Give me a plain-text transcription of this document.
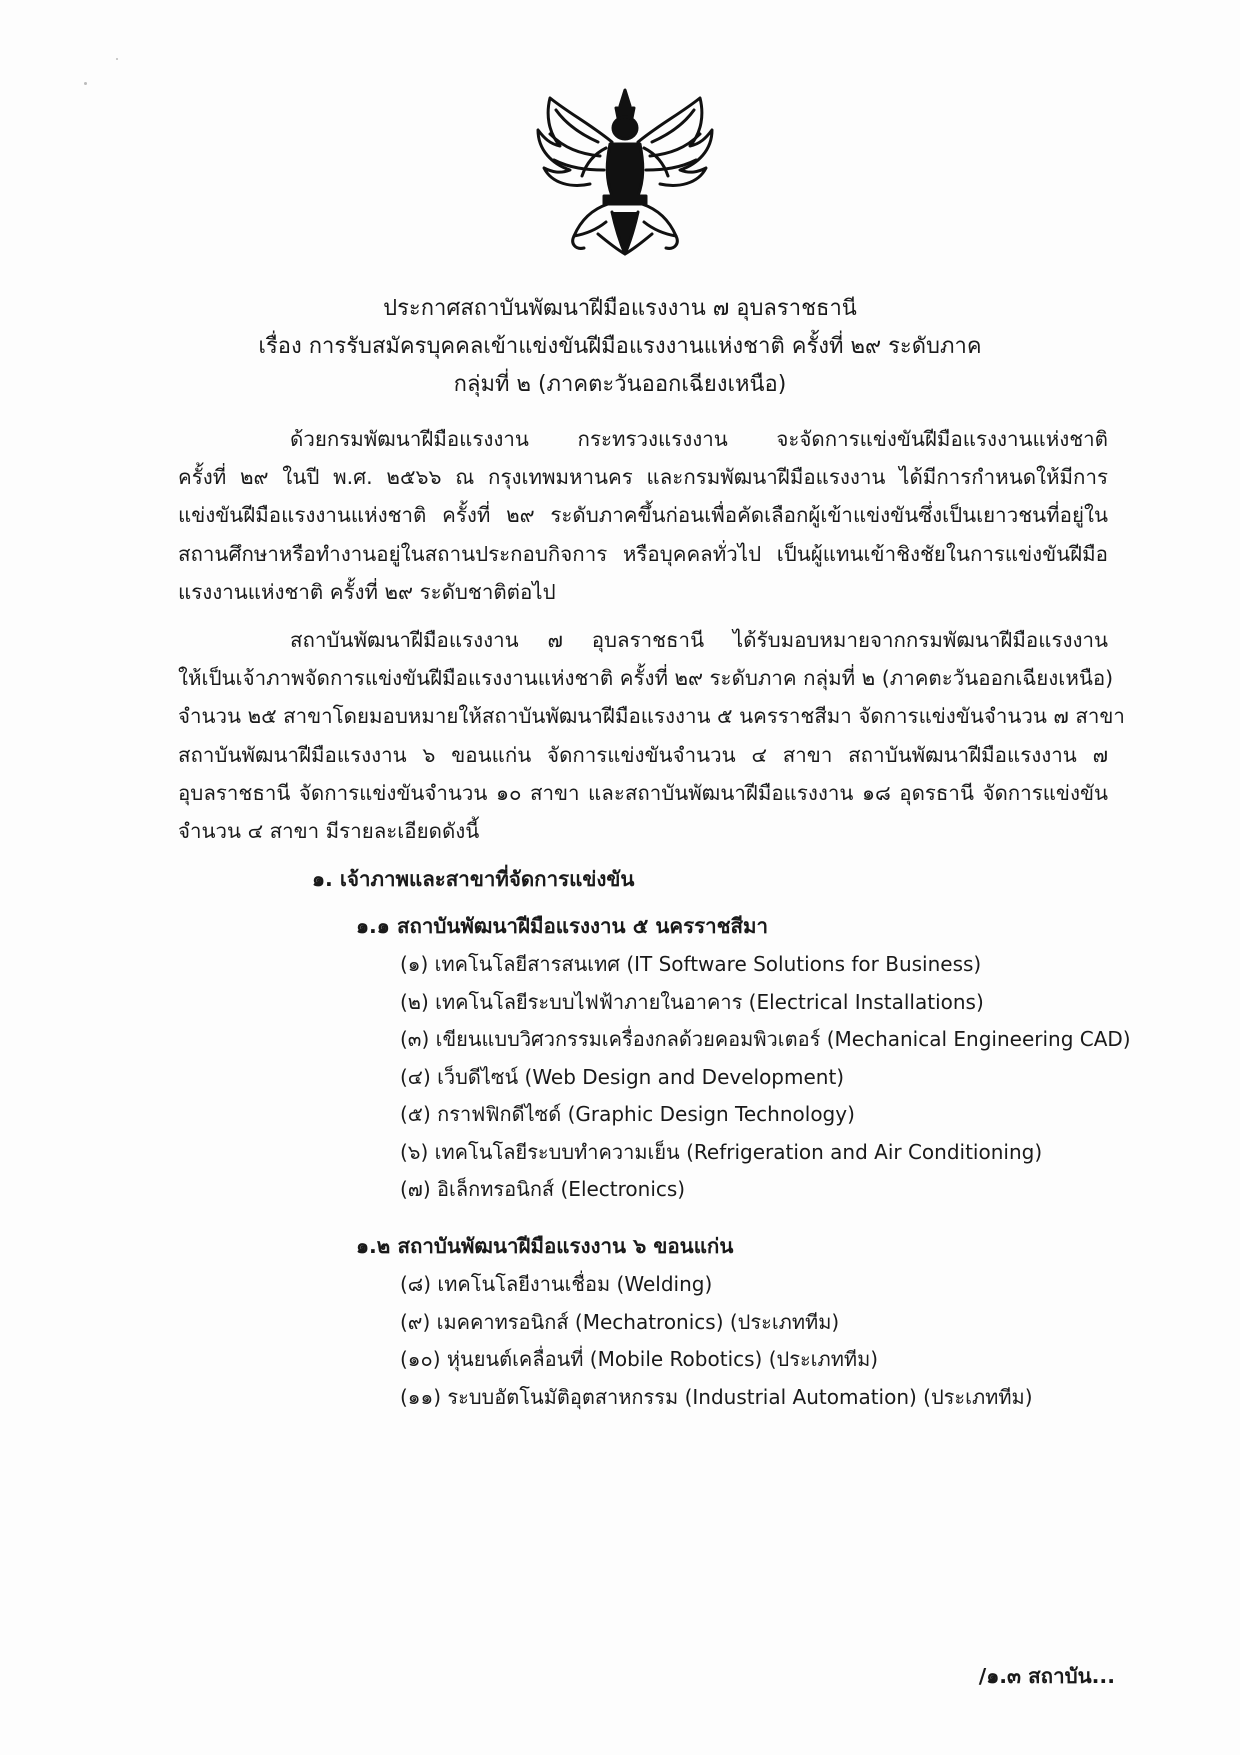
ประกาศสถาบันพัฒนาฝีมือแรงงาน ๗ อุบลราชธานี
เรื่อง การรับสมัครบุคคลเข้าแข่งขันฝีมือแรงงานแห่งชาติ ครั้งที่ ๒๙ ระดับภาค
กลุ่มที่ ๒ (ภาคตะวันออกเฉียงเหนือ)
ด้วยกรมพัฒนาฝีมือแรงงาน กระทรวงแรงงาน จะจัดการแข่งขันฝีมือแรงงานแห่งชาติ
ครั้งที่ ๒๙ ในปี พ.ศ. ๒๕๖๖ ณ กรุงเทพมหานคร และกรมพัฒนาฝีมือแรงงาน ได้มีการกำหนดให้มีการ
แข่งขันฝีมือแรงงานแห่งชาติ ครั้งที่ ๒๙ ระดับภาคขึ้นก่อนเพื่อคัดเลือกผู้เข้าแข่งขันซึ่งเป็นเยาวชนที่อยู่ใน
สถานศึกษาหรือทำงานอยู่ในสถานประกอบกิจการ หรือบุคคลทั่วไป เป็นผู้แทนเข้าชิงชัยในการแข่งขันฝีมือ
แรงงานแห่งชาติ ครั้งที่ ๒๙ ระดับชาติต่อไป
สถาบันพัฒนาฝีมือแรงงาน ๗ อุบลราชธานี ได้รับมอบหมายจากกรมพัฒนาฝีมือแรงงาน
ให้เป็นเจ้าภาพจัดการแข่งขันฝีมือแรงงานแห่งชาติ ครั้งที่ ๒๙ ระดับภาค กลุ่มที่ ๒ (ภาคตะวันออกเฉียงเหนือ)
จำนวน ๒๕ สาขาโดยมอบหมายให้สถาบันพัฒนาฝีมือแรงงาน ๕ นครราชสีมา จัดการแข่งขันจำนวน ๗ สาขา
สถาบันพัฒนาฝีมือแรงงาน ๖ ขอนแก่น จัดการแข่งขันจำนวน ๔ สาขา สถาบันพัฒนาฝีมือแรงงาน ๗
อุบลราชธานี จัดการแข่งขันจำนวน ๑๐ สาขา และสถาบันพัฒนาฝีมือแรงงาน ๑๘ อุดรธานี จัดการแข่งขัน
จำนวน ๔ สาขา มีรายละเอียดดังนี้
๑. เจ้าภาพและสาขาที่จัดการแข่งขัน
๑.๑ สถาบันพัฒนาฝีมือแรงงาน ๕ นครราชสีมา
(๑) เทคโนโลยีสารสนเทศ (IT Software Solutions for Business)
(๒) เทคโนโลยีระบบไฟฟ้าภายในอาคาร (Electrical Installations)
(๓) เขียนแบบวิศวกรรมเครื่องกลด้วยคอมพิวเตอร์ (Mechanical Engineering CAD)
(๔) เว็บดีไซน์ (Web Design and Development)
(๕) กราฟฟิกดีไซด์ (Graphic Design Technology)
(๖) เทคโนโลยีระบบทำความเย็น (Refrigeration and Air Conditioning)
(๗) อิเล็กทรอนิกส์ (Electronics)
๑.๒ สถาบันพัฒนาฝีมือแรงงาน ๖ ขอนแก่น
(๘) เทคโนโลยีงานเชื่อม (Welding)
(๙) เมคคาทรอนิกส์ (Mechatronics) (ประเภททีม)
(๑๐) หุ่นยนต์เคลื่อนที่ (Mobile Robotics) (ประเภททีม)
(๑๑) ระบบอัตโนมัติอุตสาหกรรม (Industrial Automation) (ประเภททีม)
/๑.๓ สถาบัน...
